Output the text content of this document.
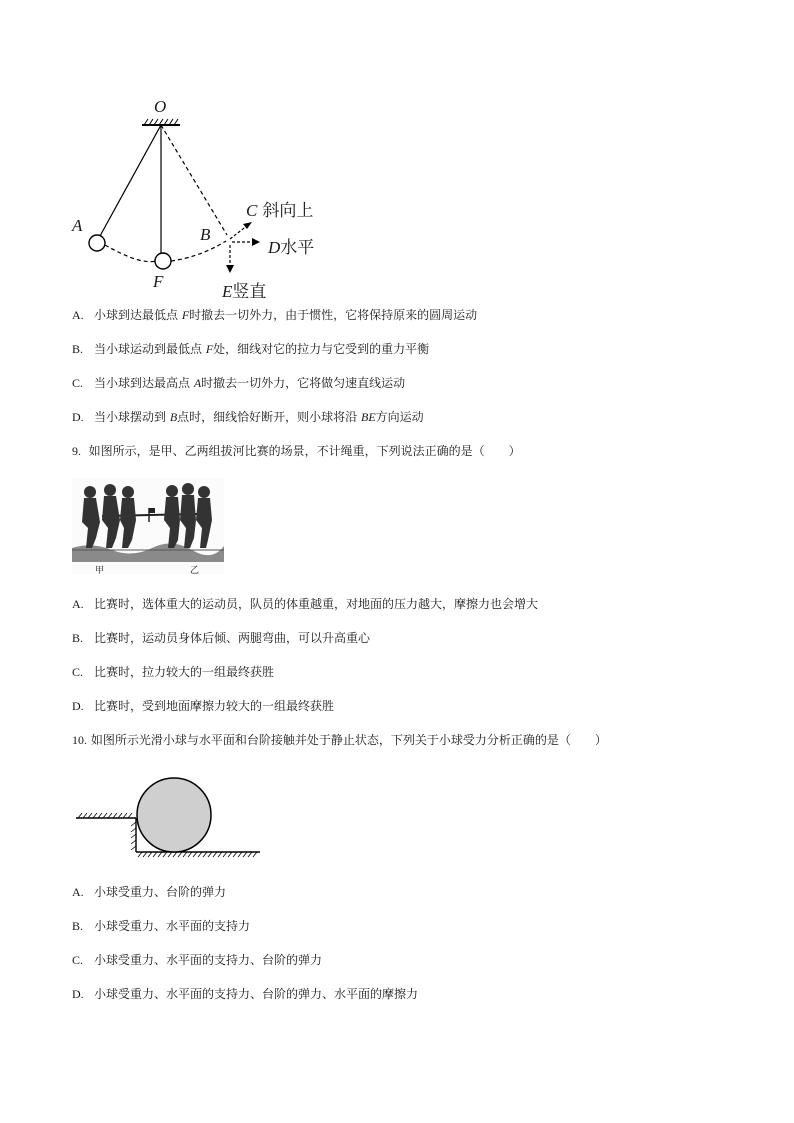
O
A
F
B
C 斜向上
D水平
E竖直
A. 小球到达最低点 F时撤去一切外力，由于惯性，它将保持原来的圆周运动
B. 当小球运动到最低点 F处，细线对它的拉力与它受到的重力平衡
C. 当小球到达最高点 A时撤去一切外力，它将做匀速直线运动
D. 当小球摆动到 B点时，细线恰好断开，则小球将沿 BE方向运动
9. 如图所示，是甲、乙两组拔河比赛的场景，不计绳重，下列说法正确的是（　　）
甲	乙
A. 比赛时，选体重大的运动员，队员的体重越重，对地面的压力越大，摩擦力也会增大
B. 比赛时，运动员身体后倾、两腿弯曲，可以升高重心
C. 比赛时，拉力较大的一组最终获胜
D. 比赛时，受到地面摩擦力较大的一组最终获胜
10. 如图所示光滑小球与水平面和台阶接触并处于静止状态，下列关于小球受力分析正确的是（　　）
A. 小球受重力、台阶的弹力
B. 小球受重力、水平面的支持力
C. 小球受重力、水平面的支持力、台阶的弹力
D. 小球受重力、水平面的支持力、台阶的弹力、水平面的摩擦力
